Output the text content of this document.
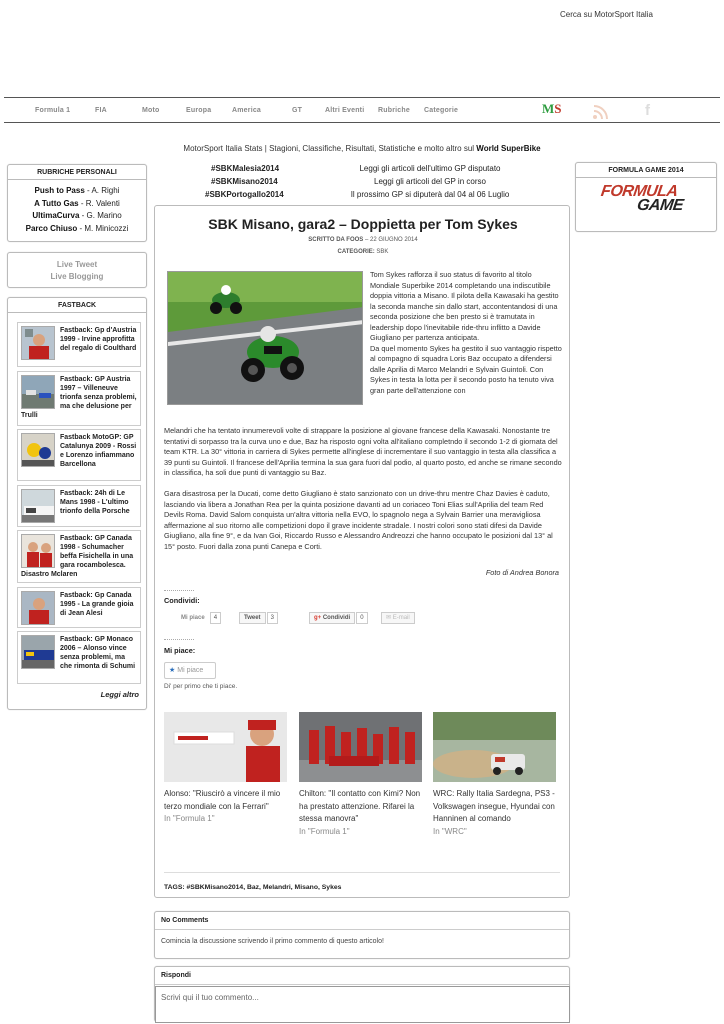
Cerca su MotorSport Italia
Formula 1	FIA	Moto	Europa	America	GT	Altri Eventi Rubriche Categorie	MS	f
MotorSport Italia Stats | Stagioni, Classifiche, Risultati, Statistiche e molto altro sul World SuperBike
RUBRICHE PERSONALI
Push to Pass - A. Righi
A Tutto Gas - R. Valenti
UltimaCurva - G. Marino
Parco Chiuso - M. Minicozzi
Live Tweet
Live Blogging
FASTBACK
Fastback: Gp d'Austria 1999 - Irvine approfitta del regalo di Coulthard
Fastback: GP Austria 1997 – Villeneuve trionfa senza problemi, ma che delusione per Trulli
Fastback MotoGP: GP Catalunya 2009 - Rossi e Lorenzo infiammano Barcellona
Fastback: 24h di Le Mans 1998 - L'ultimo trionfo della Porsche
Fastback: GP Canada 1998 - Schumacher beffa Fisichella in una gara rocambolesca. Disastro Mclaren
Fastback: Gp Canada 1995 - La grande gioia di Jean Alesi
Fastback: GP Monaco 2006 – Alonso vince senza problemi, ma che rimonta di Schumi
Leggi altro
FORMULA GAME 2014
FORMULA
GAME
#SBKMalesia2014	Leggi gli articoli dell'ultimo GP disputato
#SBKMisano2014	Leggi gli articoli del GP in corso
#SBKPortogallo2014	Il prossimo GP si diputerà dal 04 al 06 Luglio
SBK Misano, gara2 – Doppietta per Tom Sykes
SCRITTO DA FOOS – 22 GIUGNO 2014
CATEGORIE: SBK
Tom Sykes rafforza il suo status di favorito al titolo Mondiale Superbike 2014 completando una indiscutibile doppia vittoria a Misano. Il pilota della Kawasaki ha gestito la seconda manche sin dallo start, accontentandosi di una seconda posizione che ben presto si è tramutata in leadership dopo l'inevitabile ride-thru inflitto a Davide Giugliano per partenza anticipata.
Da quel momento Sykes ha gestito il suo vantaggio rispetto al compagno di squadra Loris Baz occupato a difendersi dalle Aprilia di Marco Melandri e Sylvain Guintoli. Con Sykes in testa la lotta per il secondo posto ha tenuto viva gran parte dell'attenzione con
Melandri che ha tentato innumerevoli volte di strappare la posizione al giovane francese della Kawasaki. Nonostante tre tentativi di sorpasso tra la curva uno e due, Baz ha risposto ogni volta all'italiano completndo il secondo 1-2 di giornata del team KTR. La 30° vittoria in carriera di Sykes permette all'inglese di incrementare il suo vantaggio in testa alla classifica a 39 punti su Guintoli. Il francese dell'Aprilia termina la sua gara fuori dal podio, al quarto posto, ed anche se rimane secondo in classifica, ha soli due punti di vantaggio su Baz.
Gara disastrosa per la Ducati, come detto Giugliano è stato sanzionato con un drive-thru mentre Chaz Davies è caduto, lasciando via libera a Jonathan Rea per la quinta posizione davanti ad un coriaceo Toni Elias sull'Aprilia del team Red Devils Roma. David Salom conquista un'altra vittoria nella EVO, lo spagnolo nega a Sylvain Barrier una meravigliosa affermazione al suo ritorno alle competizioni dopo il grave incidente stradale. I nostri colori sono stati difesi da Davide Giugliano, alla fine 9°, e da Ivan Goi, Riccardo Russo e Alessandro Andreozzi che hanno occupato le posizioni dal 13° al 15° posto. Fuori dalla zona punti Canepa e Corti.
Foto di Andrea Bonora
Condividi:
Mi piace 4	Tweet 3	g+ Condividi 0	✉ E-mail
Mi piace:
★ Mi piace
Di' per primo che ti piace.
Alonso: "Riuscirò a vincere il mio terzo mondiale con la Ferrari"
In "Formula 1"
Chilton: "Il contatto con Kimi? Non ha prestato attenzione. Rifarei la stessa manovra"
In "Formula 1"
WRC: Rally Italia Sardegna, PS3 - Volkswagen insegue, Hyundai con Hanninen al comando
In "WRC"
TAGS: #SBKMisano2014, Baz, Melandri, Misano, Sykes
No Comments
Comincia la discussione scrivendo il primo commento di questo articolo!
Rispondi
Scrivi qui il tuo commento...
